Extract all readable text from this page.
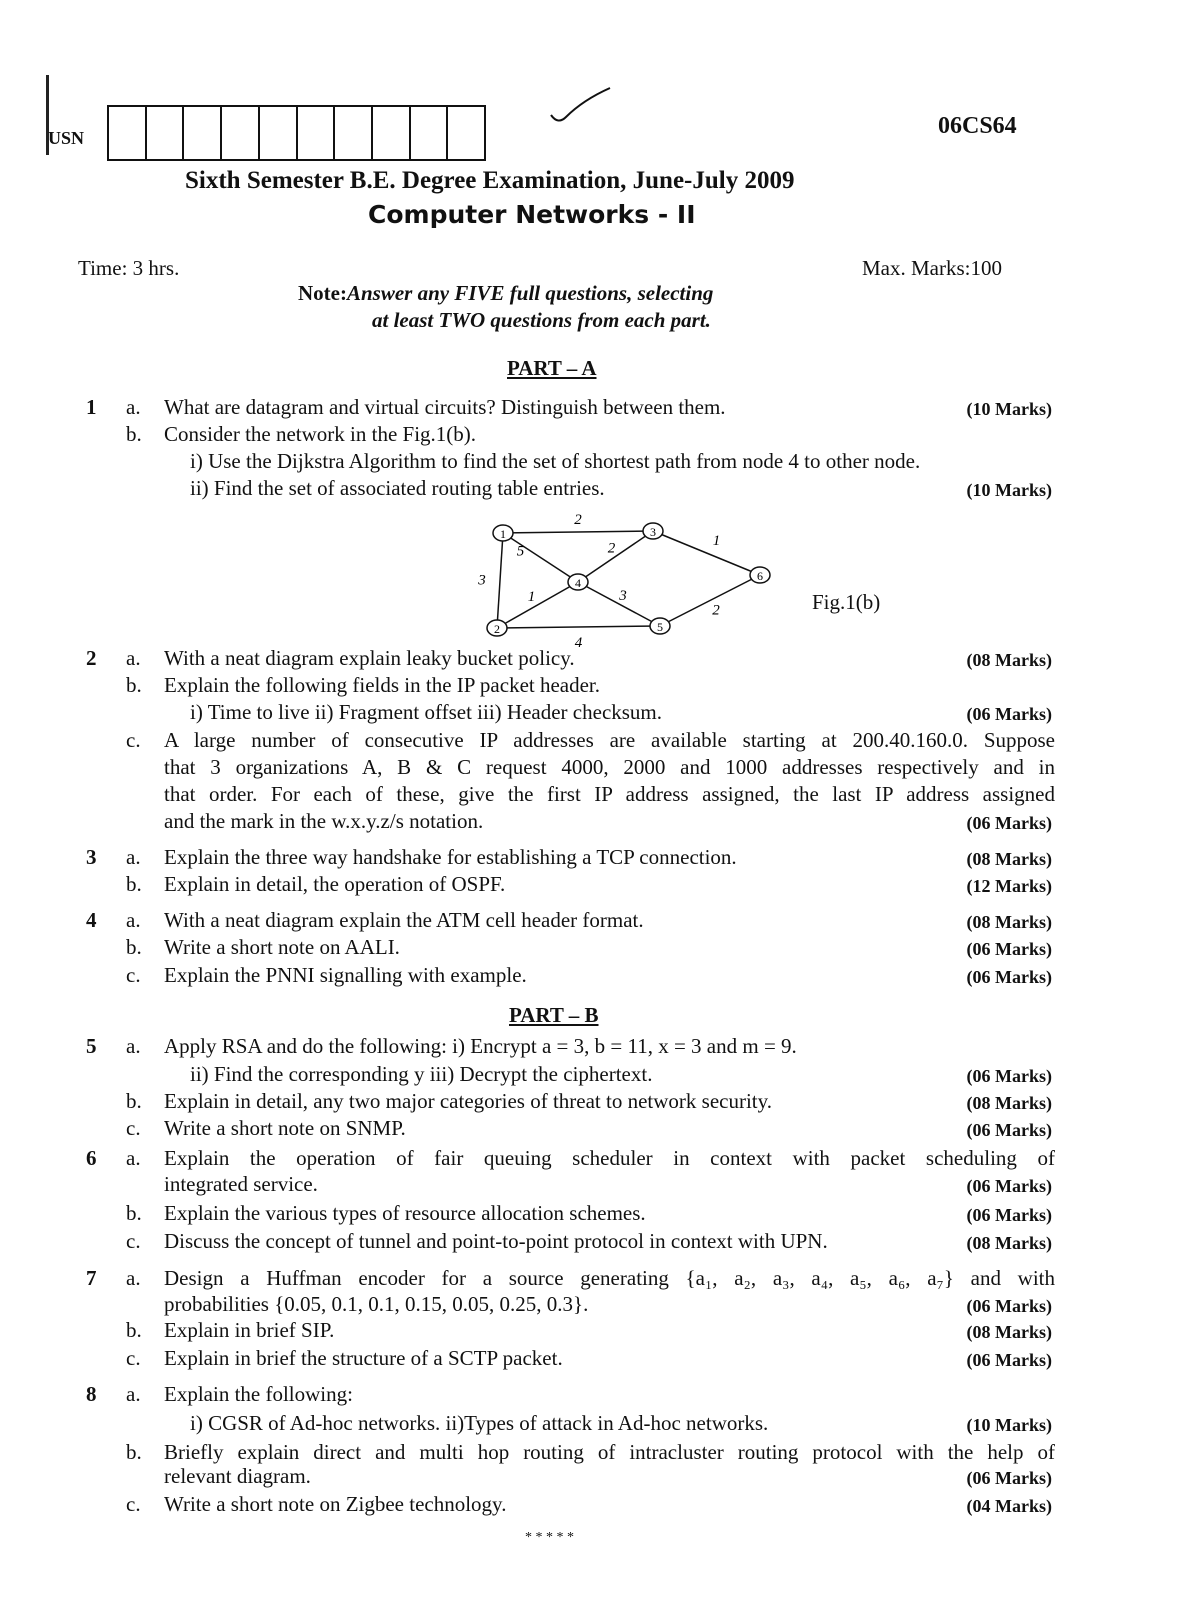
USN	06CS64
Sixth Semester B.E. Degree Examination, June-July 2009
Computer Networks - II
Time: 3 hrs.	Max. Marks:100
Note:Answer any FIVE full questions, selecting
at least TWO questions from each part.
PART – A
PART – B
2
5
3
2	1
1	3
4
2
1
2
3
4
5
6
Fig.1(b)
1 a. What are datagram and virtual circuits? Distinguish between them.	(10 Marks)
b. Consider the network in the Fig.1(b).
i) Use the Dijkstra Algorithm to find the set of shortest path from node 4 to other node.
ii) Find the set of associated routing table entries.	(10 Marks)
2 a. With a neat diagram explain leaky bucket policy.	(08 Marks)
b. Explain the following fields in the IP packet header.
i) Time to live ii) Fragment offset iii) Header checksum.	(06 Marks)
c. A large number of consecutive IP addresses are available starting at 200.40.160.0. Suppose
that 3 organizations A, B & C request 4000, 2000 and 1000 addresses respectively and in
that order. For each of these, give the first IP address assigned, the last IP address assigned
and the mark in the w.x.y.z/s notation.	(06 Marks)
3 a. Explain the three way handshake for establishing a TCP connection.	(08 Marks)
b. Explain in detail, the operation of OSPF.	(12 Marks)
4 a. With a neat diagram explain the ATM cell header format.	(08 Marks)
b. Write a short note on AALI.	(06 Marks)
c. Explain the PNNI signalling with example.	(06 Marks)
5 a. Apply RSA and do the following: i) Encrypt a = 3, b = 11, x = 3 and m = 9.
ii) Find the corresponding y iii) Decrypt the ciphertext.	(06 Marks)
b. Explain in detail, any two major categories of threat to network security.	(08 Marks)
c. Write a short note on SNMP.	(06 Marks)
6 a. Explain the operation of fair queuing scheduler in context with packet scheduling of
integrated service.	(06 Marks)
b. Explain the various types of resource allocation schemes.	(06 Marks)
c. Discuss the concept of tunnel and point-to-point protocol in context with UPN.	(08 Marks)
7 a. Design a Huffman encoder for a source generating {a₁, a₂, a₃, a₄, a₅, a₆, a₇} and with
probabilities {0.05, 0.1, 0.1, 0.15, 0.05, 0.25, 0.3}.	(06 Marks)
b. Explain in brief SIP.	(08 Marks)
c. Explain in brief the structure of a SCTP packet.	(06 Marks)
8 a. Explain the following:
i) CGSR of Ad-hoc networks. ii)Types of attack in Ad-hoc networks.	(10 Marks)
b. Briefly explain direct and multi hop routing of intracluster routing protocol with the help of
relevant diagram.	(06 Marks)
c. Write a short note on Zigbee technology.	(04 Marks)
* * * * *
